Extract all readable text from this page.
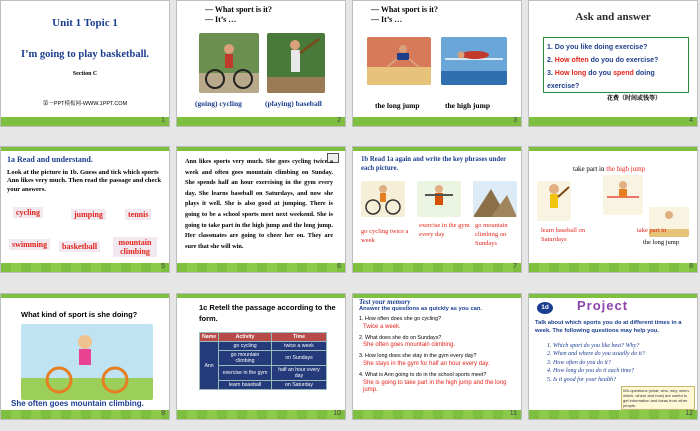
Unit 1 Topic 1
I’m going to play basketball.
Section C
第一PPT模板网-WWW.1PPT.COM
1
— What sport is it?
— It’s …
(going) cycling	(playing) baseball
2
— What sport is it?
— It’s …
the long jump	the high jump
3
Ask and answer
1. Do you like doing exercise?
2. How often do you do exercise?
3. How long do you spend doing exercise?
花费（时间或钱等）
4
1a Read and understand.
Look at the picture in 1b. Guess and tick which sports Ann likes very much. Then read the passage and check your answers.
cycling	jumping	tennis
swimming	basketball	mountain climbing
5
Ann likes sports very much. She goes cycling twice a week and often goes mountain climbing on Sunday. She spends half an hour exercising in the gym every day. She learns baseball on Saturdays, and now she plays it well. She is also good at jumping. There is going to be a school sports meet next weekend. She is going to take part in the high jump and the long jump. Her classmates are going to cheer her on. They are sure that she will win.
6
1b Read 1a again and write the key phrases under each picture.
go cycling twice a week
exercise in the gym every day
go mountain climbing on Sundays
7
take part in the high jump
learn baseball on Saturdays
take part in
the long jump
8
What kind of sport is she doing?
She often goes mountain climbing.
9
1c Retell the passage according to the form.
Name	Activity	Time
Ann	go cycling	twice a week
	go mountain climbing	on Sundays
	exercise in the gym	half an hour every day
	learn baseball	on Saturday
10
Test your memory
Answer the questions as quickly as you can.
1. How often does she go cycling?
Twice a week.
2. What does she do on Sundays?
She often goes mountain climbing.
3. How long does she stay in the gym every day?
She stays in the gym for half an hour every day.
4. What is Ann going to do in the school sports meet?
She is going to take part in the high jump and the long jump.
11
1d	Project
Talk about which sports you do at different times in a week. The following questions may help you.
1. Which sport do you like best? Why?
2. When and where do you usually do it?
3. How often do you do it?
4. How long do you do it each time?
5. Is it good for your health?
Wh-questions (what, who, why, when, which, where and how) are useful to get information and ideas from other people.
12
